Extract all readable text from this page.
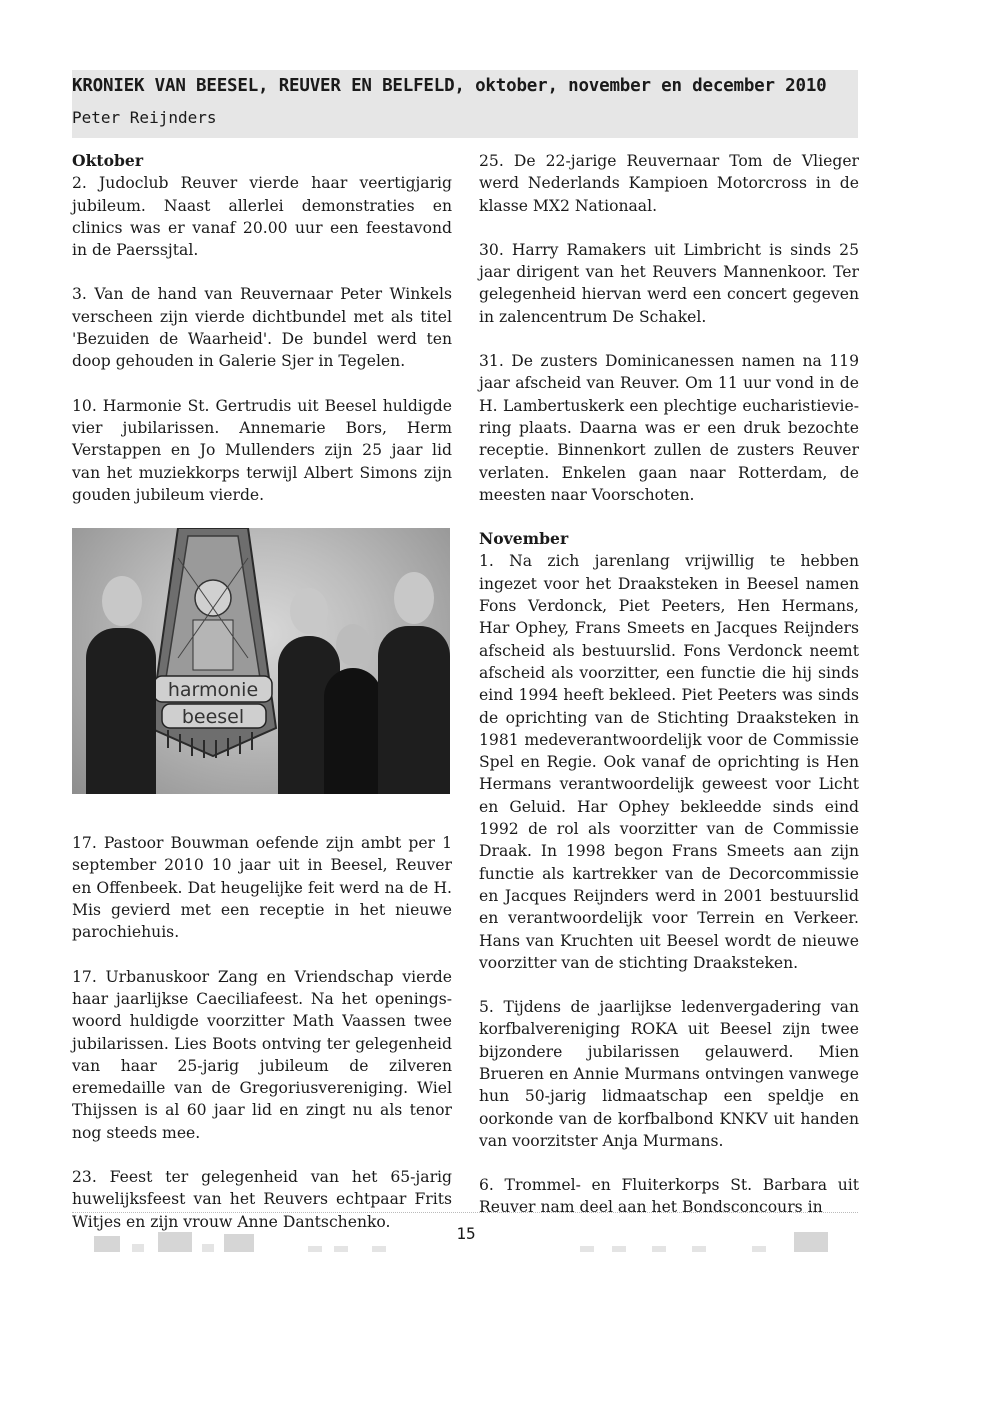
KRONIEK VAN BEESEL, REUVER EN BELFELD, oktober, november en december 2010
Peter Reijnders
Oktober

2. Judoclub Reuver vierde haar veertigjarig jubileum. Naast allerlei demonstraties en clinics was er vanaf 20.00 uur een feestavond in de Paerssjtal.

3. Van de hand van Reuvernaar Peter Winkels verscheen zijn vierde dichtbundel met als titel 'Bezuiden de Waarheid'. De bundel werd ten doop gehouden in Galerie Sjer in Tegelen.

10. Harmonie St. Gertrudis uit Beesel huldigde vier jubilarissen. Annemarie Bors, Herm Verstappen en Jo Mullenders zijn 25 jaar lid van het muziekkorps terwijl Albert Simons zijn gouden jubileum vierde.

harmonie
beesel

17. Pastoor Bouwman oefende zijn ambt per 1 september 2010 10 jaar uit in Beesel, Reuver en Offenbeek. Dat heugelijke feit werd na de H. Mis gevierd met een receptie in het nieuwe parochiehuis.

17. Urbanuskoor Zang en Vriendschap vierde haar jaarlijkse Caeciliafeest. Na het openingswoord huldigde voorzitter Math Vaassen twee jubilarissen. Lies Boots ontving ter gelegenheid van haar 25-jarig jubileum de zilveren eremedaille van de Gregoriusvereniging. Wiel Thijssen is al 60 jaar lid en zingt nu als tenor nog steeds mee.

23. Feest ter gelegenheid van het 65-jarig huwelijksfeest van het Reuvers echtpaar Frits Witjes en zijn vrouw Anne Dantschenko.

25. De 22-jarige Reuvernaar Tom de Vlieger werd Nederlands Kampioen Motorcross in de klasse MX2 Nationaal.

30. Harry Ramakers uit Limbricht is sinds 25 jaar dirigent van het Reuvers Mannenkoor. Ter gelegenheid hiervan werd een concert gegeven in zalencentrum De Schakel.

31. De zusters Dominicanessen namen na 119 jaar afscheid van Reuver. Om 11 uur vond in de H. Lambertuskerk een plechtige eucharistieviering plaats. Daarna was er een druk bezochte receptie. Binnenkort zullen de zusters Reuver verlaten. Enkelen gaan naar Rotterdam, de meesten naar Voorschoten.

November

1. Na zich jarenlang vrijwillig te hebben ingezet voor het Draaksteken in Beesel namen Fons Verdonck, Piet Peeters, Hen Hermans, Har Ophey, Frans Smeets en Jacques Reijnders afscheid als bestuurslid. Fons Verdonck neemt afscheid als voorzitter, een functie die hij sinds eind 1994 heeft bekleed. Piet Peeters was sinds de oprichting van de Stichting Draaksteken in 1981 medeverantwoordelijk voor de Commissie Spel en Regie. Ook vanaf de oprichting is Hen Hermans verantwoordelijk geweest voor Licht en Geluid. Har Ophey bekleedde sinds eind 1992 de rol als voorzitter van de Commissie Draak. In 1998 begon Frans Smeets aan zijn functie als kartrekker van de Decorcommissie en Jacques Reijnders werd in 2001 bestuurslid en verantwoordelijk voor Terrein en Verkeer. Hans van Kruchten uit Beesel wordt de nieuwe voorzitter van de stichting Draaksteken.

5. Tijdens de jaarlijkse ledenvergadering van korfbalvereniging ROKA uit Beesel zijn twee bijzondere jubilarissen gelauwerd. Mien Brueren en Annie Murmans ontvingen vanwege hun 50-jarig lidmaatschap een speldje en oorkonde van de korfbalbond KNKV uit handen van voorzitster Anja Murmans.

6. Trommel- en Fluiterkorps St. Barbara uit Reuver nam deel aan het Bondsconcours in

15
